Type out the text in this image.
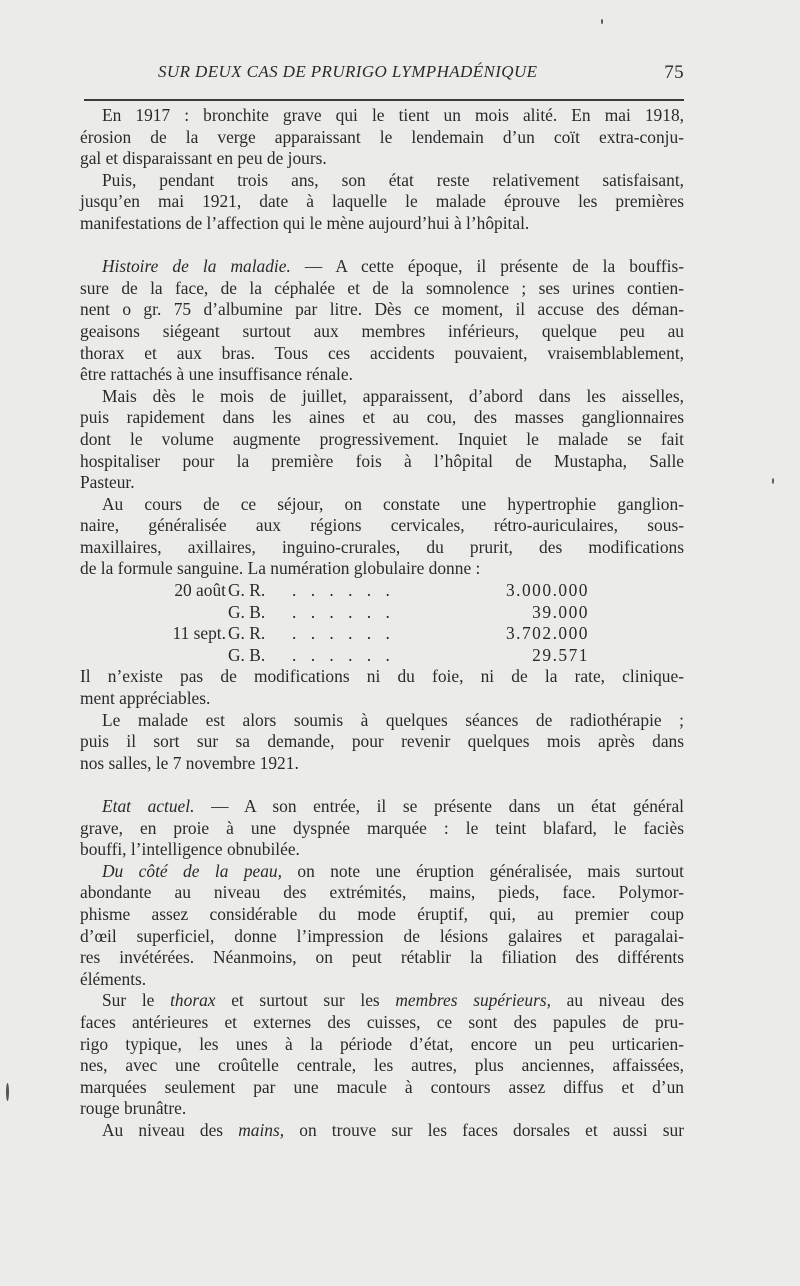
SUR DEUX CAS DE PRURIGO LYMPHADÉNIQUE	75
En 1917 : bronchite grave qui le tient un mois alité. En mai 1918,
érosion de la verge apparaissant le lendemain d’un coït extra-conju-
gal et disparaissant en peu de jours.
Puis, pendant trois ans, son état reste relativement satisfaisant,
jusqu’en mai 1921, date à laquelle le malade éprouve les premières
manifestations de l’affection qui le mène aujourd’hui à l’hôpital.
Histoire de la maladie. — A cette époque, il présente de la bouffis-
sure de la face, de la céphalée et de la somnolence ; ses urines contien-
nent o gr. 75 d’albumine par litre. Dès ce moment, il accuse des déman-
geaisons siégeant surtout aux membres inférieurs, quelque peu au
thorax et aux bras. Tous ces accidents pouvaient, vraisemblablement,
être rattachés à une insuffisance rénale.
Mais dès le mois de juillet, apparaissent, d’abord dans les aisselles,
puis rapidement dans les aines et au cou, des masses ganglionnaires
dont le volume augmente progressivement. Inquiet le malade se fait
hospitaliser pour la première fois à l’hôpital de Mustapha, Salle
Pasteur.
Au cours de ce séjour, on constate une hypertrophie ganglion-
naire, généralisée aux régions cervicales, rétro-auriculaires, sous-
maxillaires, axillaires, inguino-crurales, du prurit, des modifications
de la formule sanguine. La numération globulaire donne :
20 août G. R. . . . . . .	3.000.000
G. B. . . . . . .	39.000
11 sept. G. R. . . . . . .	3.702.000
G. B. . . . . . .	29.571
Il n’existe pas de modifications ni du foie, ni de la rate, clinique-
ment appréciables.
Le malade est alors soumis à quelques séances de radiothérapie ;
puis il sort sur sa demande, pour revenir quelques mois après dans
nos salles, le 7 novembre 1921.
Etat actuel. — A son entrée, il se présente dans un état général
grave, en proie à une dyspnée marquée : le teint blafard, le faciès
bouffi, l’intelligence obnubilée.
Du côté de la peau, on note une éruption généralisée, mais surtout
abondante au niveau des extrémités, mains, pieds, face. Polymor-
phisme assez considérable du mode éruptif, qui, au premier coup
d’œil superficiel, donne l’impression de lésions galaires et paragalai-
res invétérées. Néanmoins, on peut rétablir la filiation des différents
éléments.
Sur le thorax et surtout sur les membres supérieurs, au niveau des
faces antérieures et externes des cuisses, ce sont des papules de pru-
rigo typique, les unes à la période d’état, encore un peu urticarien-
nes, avec une croûtelle centrale, les autres, plus anciennes, affaissées,
marquées seulement par une macule à contours assez diffus et d’un
rouge brunâtre.
Au niveau des mains, on trouve sur les faces dorsales et aussi sur
